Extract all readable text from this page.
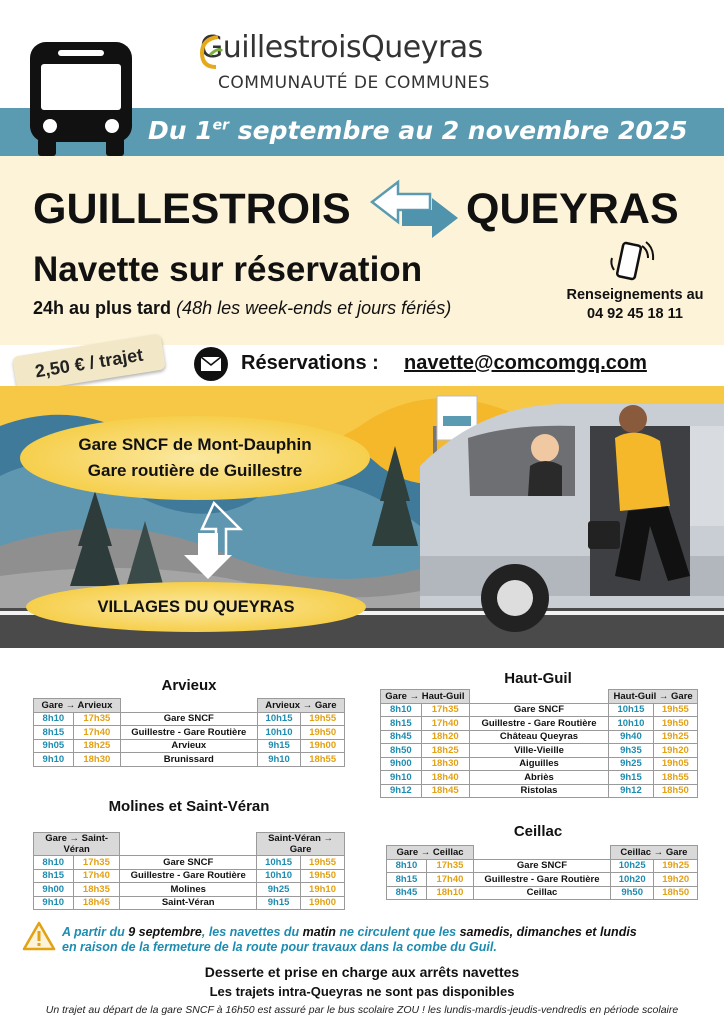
GuillestroisQueyras
COMMUNAUTÉ DE COMMUNES
Du 1er septembre au 2 novembre 2025
GUILLESTROIS	QUEYRAS
Navette sur réservation
24h au plus tard (48h les week-ends et jours fériés)
Renseignements au
04 92 45 18 11
2,50 € / trajet	Réservations : navette@comcomgq.com
Gare SNCF de Mont-Dauphin
Gare routière de Guillestre
VILLAGES DU QUEYRAS
Arvieux
Gare → Arvieux			Arvieux → Gare	
8h10	17h35	Gare SNCF	10h15	19h55
8h15	17h40	Guillestre - Gare Routière	10h10	19h50
9h05	18h25	Arvieux	9h15	19h00
9h10	18h30	Brunissard	9h10	18h55
Molines et Saint-Véran
Gare → Saint-Véran			Saint-Véran → Gare	
8h10	17h35	Gare SNCF	10h15	19h55
8h15	17h40	Guillestre - Gare Routière	10h10	19h50
9h00	18h35	Molines	9h25	19h10
9h10	18h45	Saint-Véran	9h15	19h00
Haut-Guil
Gare → Haut-Guil			Haut-Guil → Gare	
8h10	17h35	Gare SNCF	10h15	19h55
8h15	17h40	Guillestre - Gare Routière	10h10	19h50
8h45	18h20	Château Queyras	9h40	19h25
8h50	18h25	Ville-Vieille	9h35	19h20
9h00	18h30	Aiguilles	9h25	19h05
9h10	18h40	Abriès	9h15	18h55
9h12	18h45	Ristolas	9h12	18h50
Ceillac
Gare → Ceillac			Ceillac → Gare	
8h10	17h35	Gare SNCF	10h25	19h25
8h15	17h40	Guillestre - Gare Routière	10h20	19h20
8h45	18h10	Ceillac	9h50	18h50
A partir du 9 septembre, les navettes du matin ne circulent que les samedis, dimanches et lundis
en raison de la fermeture de la route pour travaux dans la combe du Guil.
Desserte et prise en charge aux arrêts navettes
Les trajets intra-Queyras ne sont pas disponibles
Un trajet au départ de la gare SNCF à 16h50 est assuré par le bus scolaire ZOU ! les lundis-mardis-jeudis-vendredis en période scolaire
